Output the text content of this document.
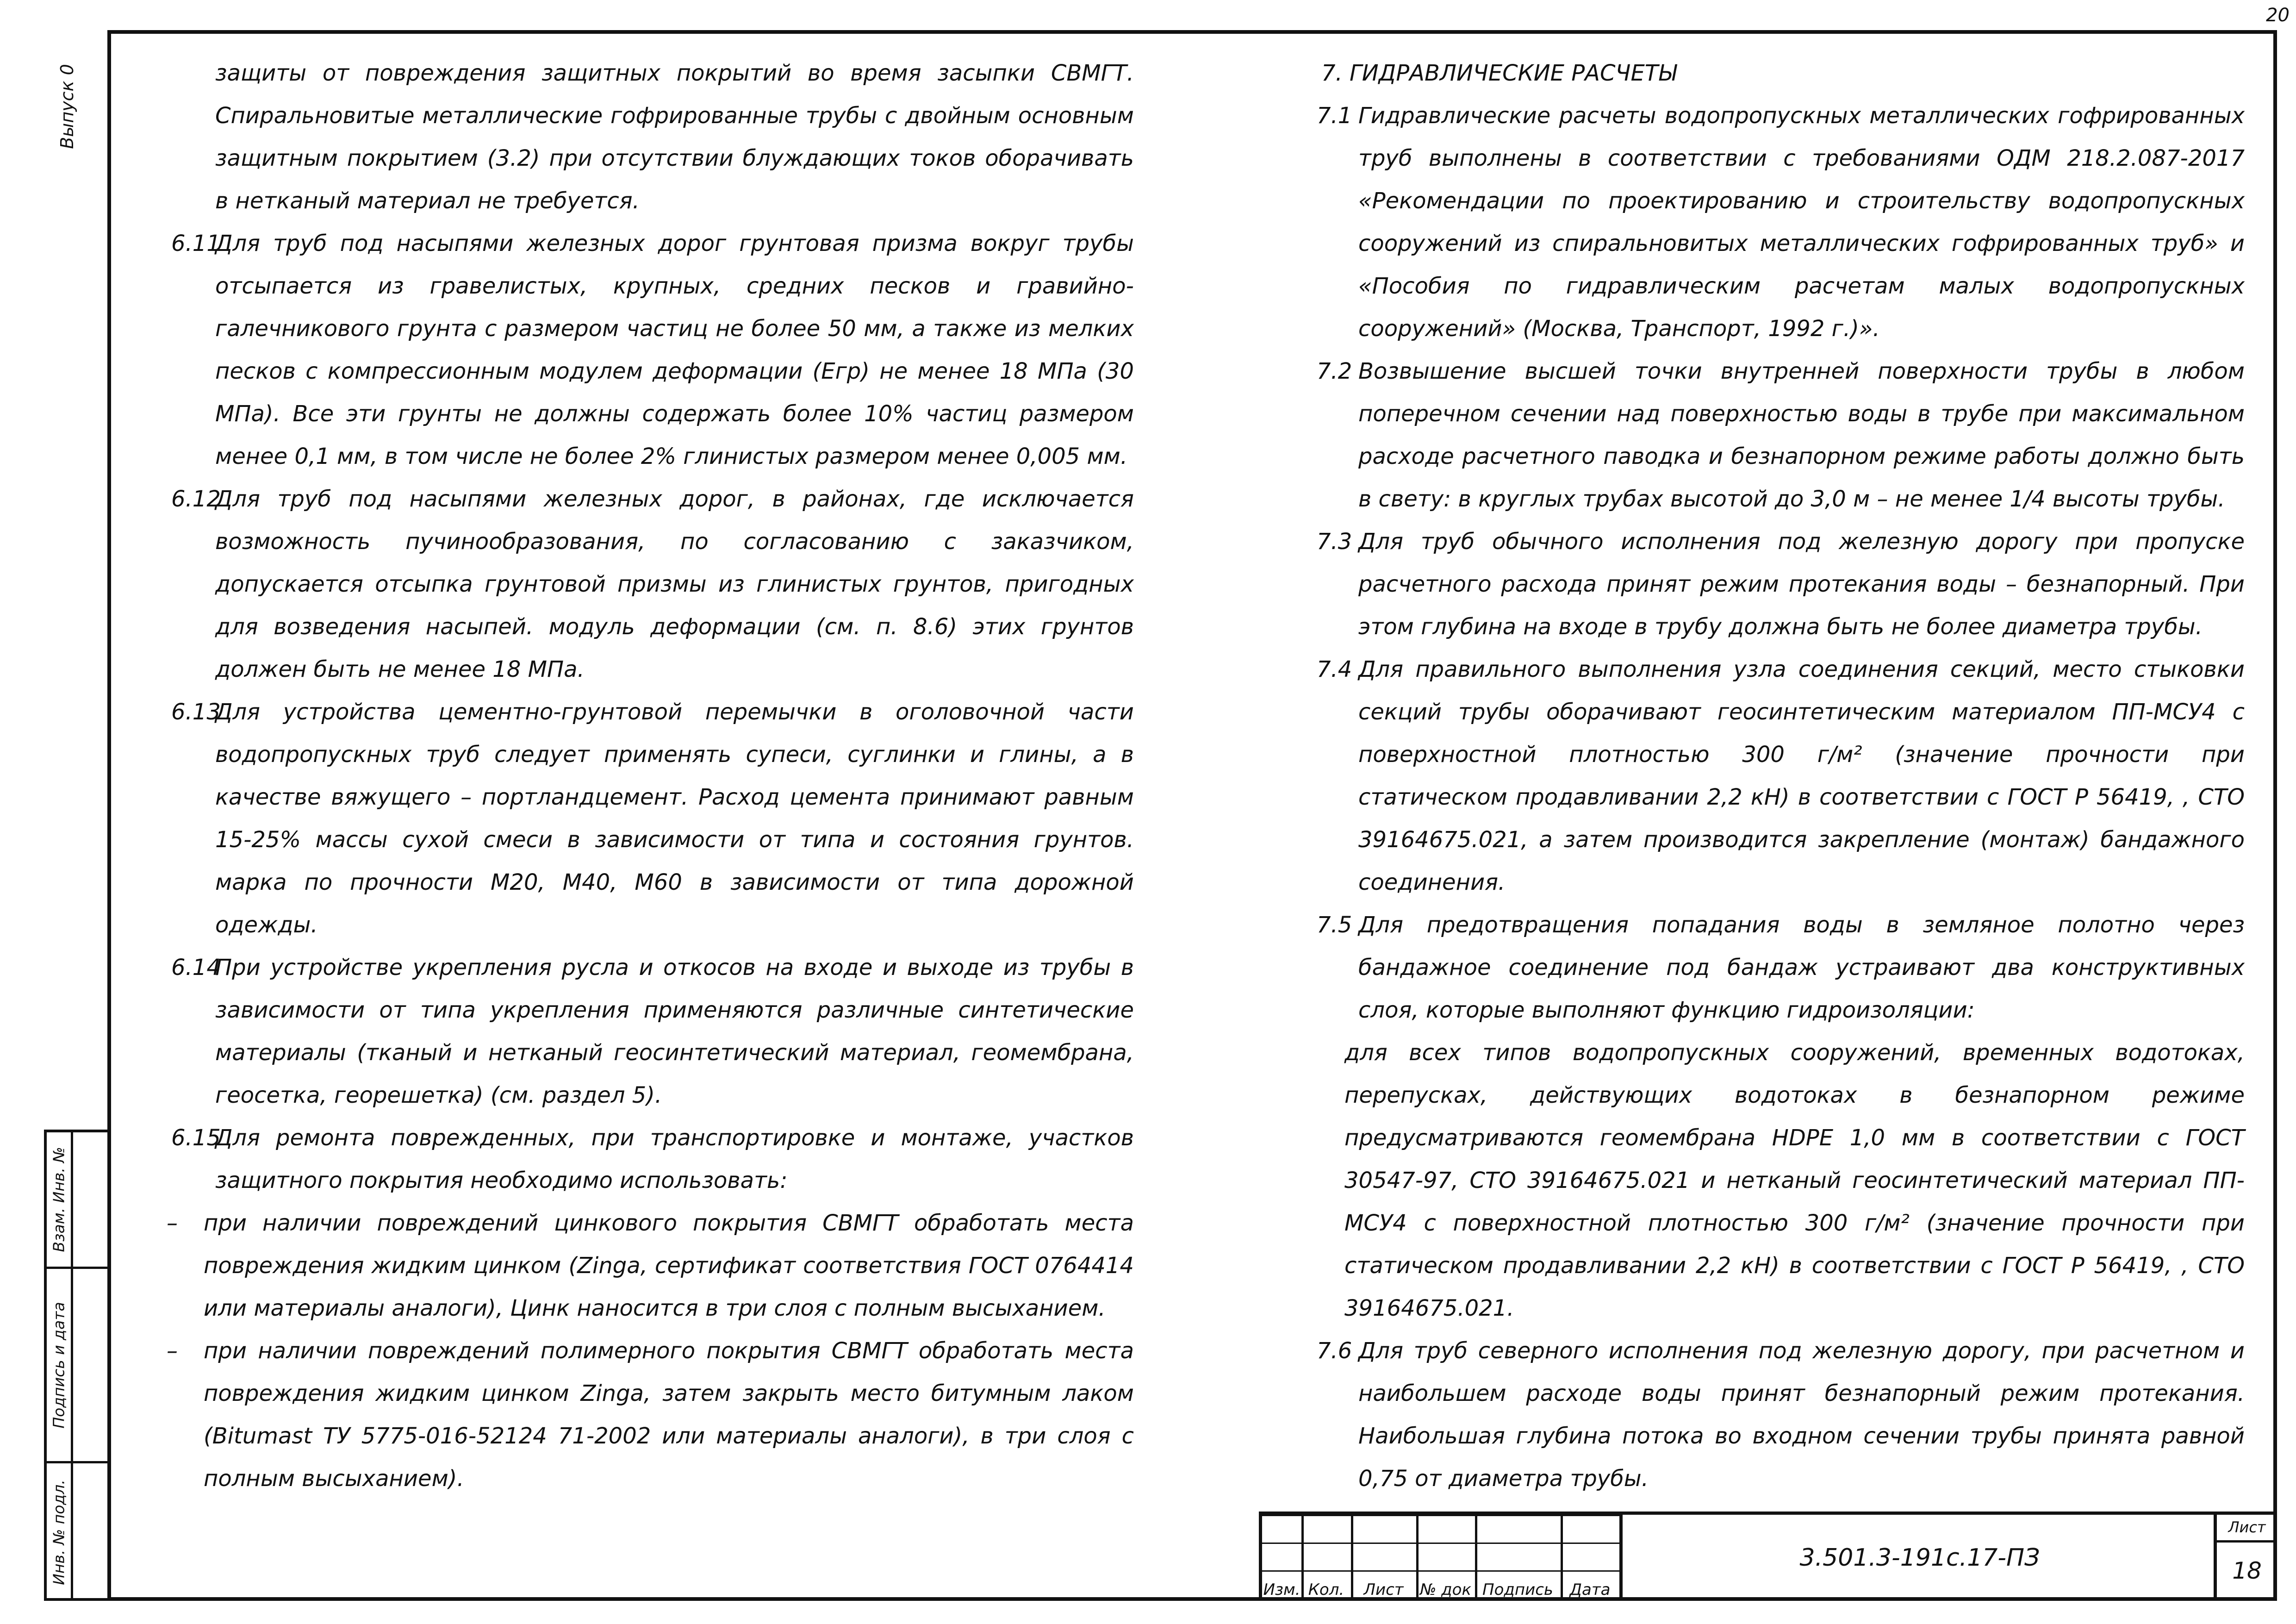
20
Выпуск 0
Взам. Инв. №
Подпись и дата
Инв. № подл.

защиты от повреждения защитных покрытий во время засыпки СВМГТ. Спиральновитые металлические гофрированные трубы с двойным основным защитным покрытием (3.2) при отсутствии блуждающих токов оборачивать в нетканый материал не требуется.

6.11

Для труб под насыпями железных дорог грунтовая призма вокруг трубы отсыпается из гравелистых, крупных, средних песков и гравийно-галечникового грунта с размером частиц не более 50 мм, а также из мелких песков с компрессионным модулем деформации (Егр) не менее 18 МПа (30 МПа). Все эти грунты не должны содержать более 10% частиц размером менее 0,1 мм, в том числе не более 2% глинистых размером менее 0,005 мм.

6.12

Для труб под насыпями железных дорог, в районах, где исключается возможность пучинообразования, по согласованию с заказчиком, допускается отсыпка грунтовой призмы из глинистых грунтов, пригодных для возведения насыпей. модуль деформации (см. п. 8.6) этих грунтов должен быть не менее 18 МПа.

6.13

Для устройства цементно-грунтовой перемычки в оголовочной части водопропускных труб следует применять супеси, суглинки и глины, а в качестве вяжущего – портландцемент. Расход цемента принимают равным 15-25% массы сухой смеси в зависимости от типа и состояния грунтов. марка по прочности М20, М40, М60 в зависимости от типа дорожной одежды.

6.14

При устройстве укрепления русла и откосов на входе и выходе из трубы в зависимости от типа укрепления применяются различные синтетические материалы (тканый и нетканый геосинтетический материал, геомембрана, геосетка, георешетка) (см. раздел 5).

6.15

Для ремонта поврежденных, при транспортировке и монтаже, участков защитного покрытия необходимо использовать:

– при наличии повреждений цинкового покрытия СВМГТ обработать места повреждения жидким цинком (Zinga, сертификат соответствия ГОСТ 0764414 или материалы аналоги), Цинк наносится в три слоя с полным высыханием.

– при наличии повреждений полимерного покрытия СВМГТ обработать места повреждения жидким цинком Zinga, затем закрыть место битумным лаком (Bitumast ТУ 5775-016-52124 71-2002 или материалы аналоги), в три слоя с полным высыханием).

7. ГИДРАВЛИЧЕСКИЕ РАСЧЕТЫ
7.1 Гидравлические расчеты водопропускных металлических гофрированных труб выполнены в соответствии с требованиями ОДМ 218.2.087-2017 «Рекомендации по проектированию и строительству водопропускных сооружений из спиральновитых металлических гофрированных труб» и «Пособия по гидравлическим расчетам малых водопропускных сооружений» (Москва, Транспорт, 1992 г.)».

7.2 Возвышение высшей точки внутренней поверхности трубы в любом поперечном сечении над поверхностью воды в трубе при максимальном расходе расчетного паводка и безнапорном режиме работы должно быть в свету: в круглых трубах высотой до 3,0 м – не менее 1/4 высоты трубы.

7.3 Для труб обычного исполнения под железную дорогу при пропуске расчетного расхода принят режим протекания воды – безнапорный. При этом глубина на входе в трубу должна быть не более диаметра трубы.

7.4 Для правильного выполнения узла соединения секций, место стыковки секций трубы оборачивают геосинтетическим материалом ПП-МСУ4 с поверхностной плотностью 300 г/м² (значение прочности при статическом продавливании 2,2 кН) в соответствии с ГОСТ Р 56419, , СТО 39164675.021, а затем производится закрепление (монтаж) бандажного соединения.

7.5 Для предотвращения попадания воды в земляное полотно через бандажное соединение под бандаж устраивают два конструктивных слоя, которые выполняют функцию гидроизоляции:

для всех типов водопропускных сооружений, временных водотоках, перепусках, действующих водотоках в безнапорном режиме предусматриваются геомембрана HDPE 1,0 мм в соответствии с ГОСТ 30547-97, СТО 39164675.021 и нетканый геосинтетический материал ПП-МСУ4 с поверхностной плотностью 300 г/м² (значение прочности при статическом продавливании 2,2 кН) в соответствии с ГОСТ Р 56419, , СТО 39164675.021.

7.6 Для труб северного исполнения под железную дорогу, при расчетном и наибольшем расходе воды принят безнапорный режим протекания. Наибольшая глубина потока во входном сечении трубы принята равной 0,75 от диаметра трубы.

Изм. Кол.	Лист	№ док Подпись	Дата
3.501.3-191с.17-ПЗ
Лист
18
